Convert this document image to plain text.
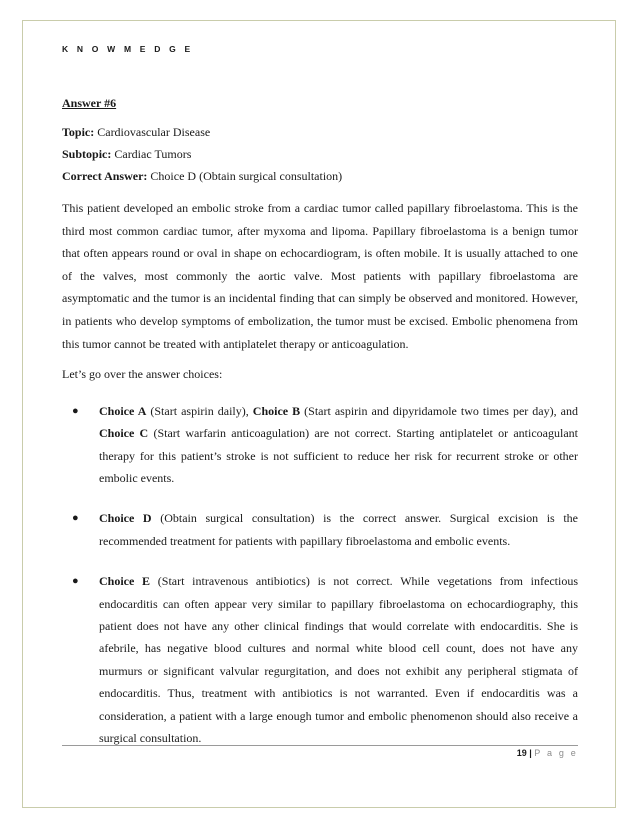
K N O W M E D G E

Answer #6

Topic: Cardiovascular Disease

Subtopic: Cardiac Tumors

Correct Answer: Choice D (Obtain surgical consultation)

This patient developed an embolic stroke from a cardiac tumor called papillary fibroelastoma. This is the third most common cardiac tumor, after myxoma and lipoma. Papillary fibroelastoma is a benign tumor that often appears round or oval in shape on echocardiogram, is often mobile. It is usually attached to one of the valves, most commonly the aortic valve. Most patients with papillary fibroelastoma are asymptomatic and the tumor is an incidental finding that can simply be observed and monitored. However, in patients who develop symptoms of embolization, the tumor must be excised. Embolic phenomena from this tumor cannot be treated with antiplatelet therapy or anticoagulation.

Let’s go over the answer choices:

● Choice A (Start aspirin daily), Choice B (Start aspirin and dipyridamole two times per day), and Choice C (Start warfarin anticoagulation) are not correct. Starting antiplatelet or anticoagulant therapy for this patient’s stroke is not sufficient to reduce her risk for recurrent stroke or other embolic events.
● Choice D (Obtain surgical consultation) is the correct answer. Surgical excision is the recommended treatment for patients with papillary fibroelastoma and embolic events.
● Choice E (Start intravenous antibiotics) is not correct. While vegetations from infectious endocarditis can often appear very similar to papillary fibroelastoma on echocardiography, this patient does not have any other clinical findings that would correlate with endocarditis. She is afebrile, has negative blood cultures and normal white blood cell count, does not have any murmurs or significant valvular regurgitation, and does not exhibit any peripheral stigmata of endocarditis. Thus, treatment with antibiotics is not warranted. Even if endocarditis was a consideration, a patient with a large enough tumor and embolic phenomenon should also receive a surgical consultation.
19 | P a g e
